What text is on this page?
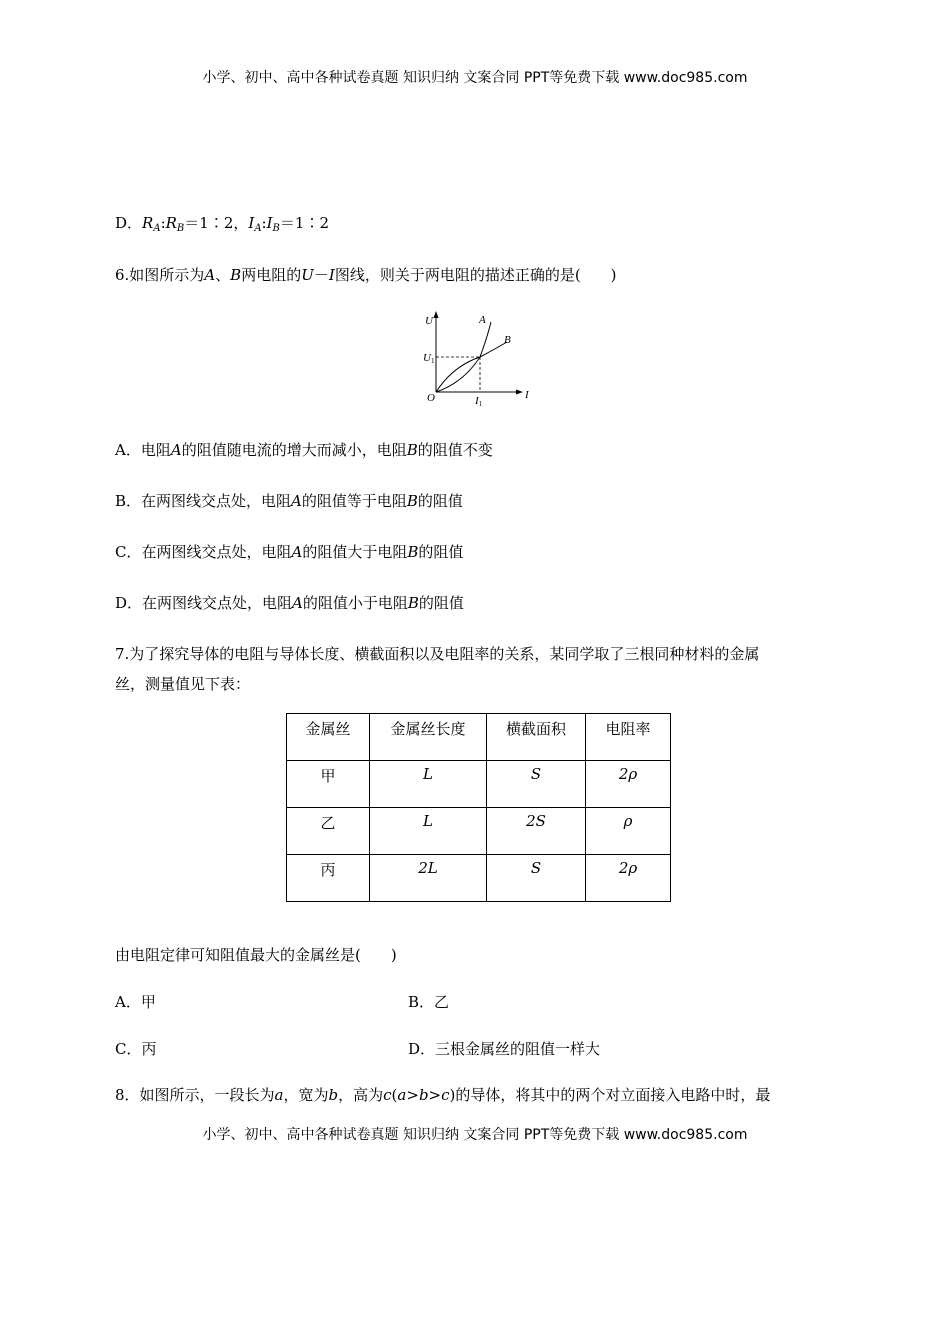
小学、初中、高中各种试卷真题 知识归纳 文案合同 PPT等免费下载 www.doc985.com
D．$R_A:R_B=1∶2$，$I_A:I_B=1∶2$
6.如图所示为A、B两电阻的U－I图线，则关于两电阻的描述正确的是(　　)
U
I
O
A
B
U1
I1
A．电阻A的阻值随电流的增大而减小，电阻B的阻值不变
B．在两图线交点处，电阻A的阻值等于电阻B的阻值
C．在两图线交点处，电阻A的阻值大于电阻B的阻值
D．在两图线交点处，电阻A的阻值小于电阻B的阻值
7.为了探究导体的电阻与导体长度、横截面积以及电阻率的关系，某同学取了三根同种材料的金属
丝，测量值见下表：
金属丝	金属丝长度	横截面积	电阻率
甲	L	S	2ρ
乙	L	2S	ρ
丙	2L	S	2ρ
由电阻定律可知阻值最大的金属丝是(　　)
A．甲	B．乙
C．丙	D．三根金属丝的阻值一样大
8．如图所示，一段长为a，宽为b，高为c(a>b>c)的导体，将其中的两个对立面接入电路中时，最
小学、初中、高中各种试卷真题 知识归纳 文案合同 PPT等免费下载 www.doc985.com
